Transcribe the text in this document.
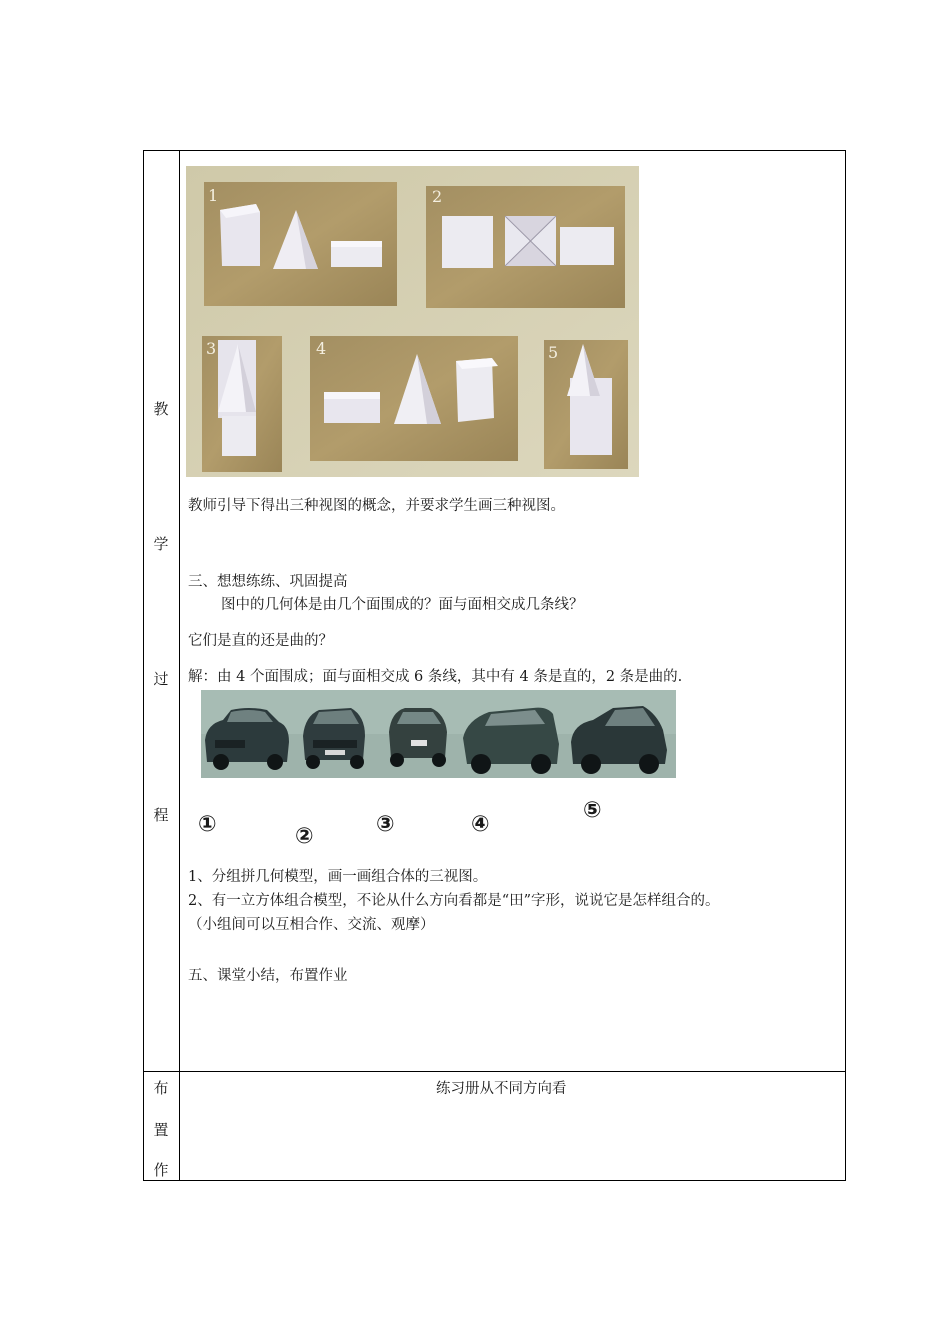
教
学
过
程
布
置
作
1	2
3	4	5
教师引导下得出三种视图的概念，并要求学生画三种视图。
三、想想练练、巩固提高
图中的几何体是由几个面围成的？面与面相交成几条线？
它们是直的还是曲的？
解：由 4 个面围成；面与面相交成 6 条线，其中有 4 条是直的，2 条是曲的.
①	②	③	④
⑤
1、分组拼几何模型，画一画组合体的三视图。
2、有一立方体组合模型，不论从什么方向看都是“田”字形，说说它是怎样组合的。
（小组间可以互相合作、交流、观摩）
五、课堂小结，布置作业
练习册从不同方向看
